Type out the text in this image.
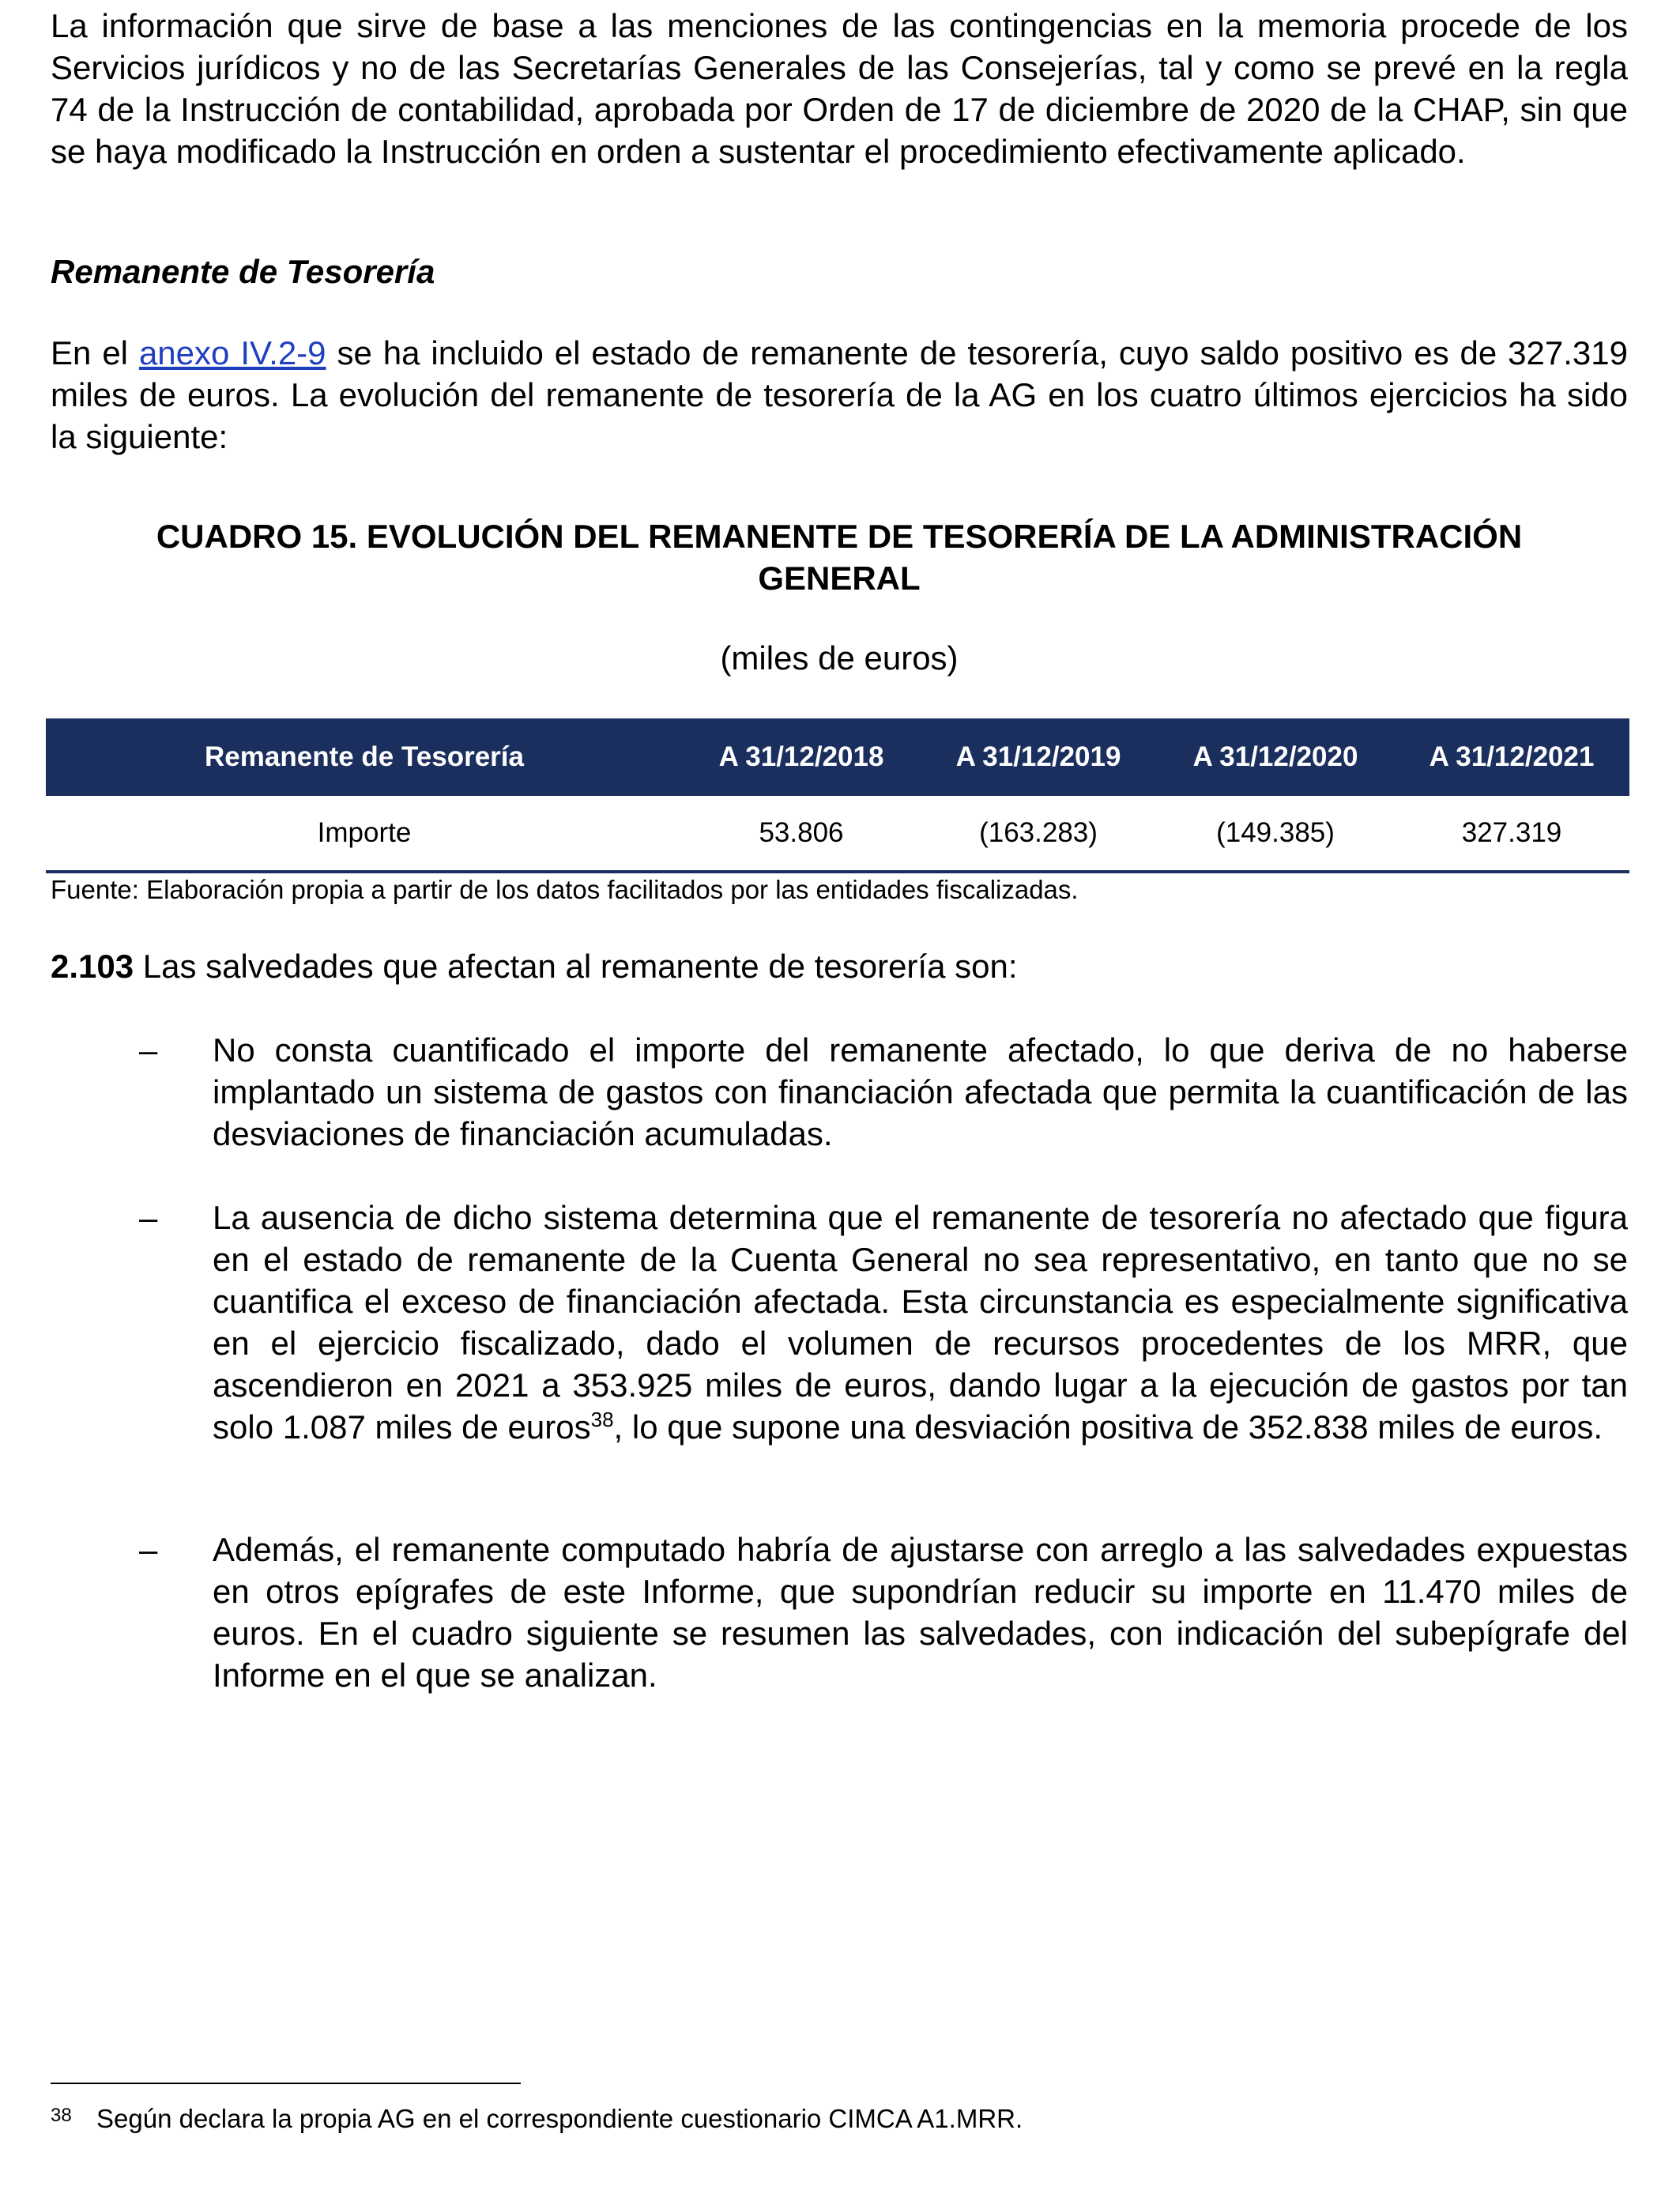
La información que sirve de base a las menciones de las contingencias en la memoria procede de los Servicios jurídicos y no de las Secretarías Generales de las Consejerías, tal y como se prevé en la regla 74 de la Instrucción de contabilidad, aprobada por Orden de 17 de diciembre de 2020 de la CHAP, sin que se haya modificado la Instrucción en orden a sustentar el procedimiento efectivamente aplicado.

Remanente de Tesorería

En el anexo IV.2-9 se ha incluido el estado de remanente de tesorería, cuyo saldo positivo es de 327.319 miles de euros. La evolución del remanente de tesorería de la AG en los cuatro últimos ejercicios ha sido la siguiente:

CUADRO 15. EVOLUCIÓN DEL REMANENTE DE TESORERÍA DE LA ADMINISTRACIÓN
GENERAL
(miles de euros)
Remanente de Tesorería	A 31/12/2018	A 31/12/2019	A 31/12/2020	A 31/12/2021
Importe	53.806	(163.283)	(149.385)	327.319
Fuente: Elaboración propia a partir de los datos facilitados por las entidades fiscalizadas.
2.103 Las salvedades que afectan al remanente de tesorería son:
– No consta cuantificado el importe del remanente afectado, lo que deriva de no haberse implantado un sistema de gastos con financiación afectada que permita la cuantificación de las desviaciones de financiación acumuladas.

– La ausencia de dicho sistema determina que el remanente de tesorería no afectado que figura en el estado de remanente de la Cuenta General no sea representativo, en tanto que no se cuantifica el exceso de financiación afectada. Esta circunstancia es especialmente significativa en el ejercicio fiscalizado, dado el volumen de recursos procedentes de los MRR, que ascendieron en 2021 a 353.925 miles de euros, dando lugar a la ejecución de gastos por tan solo 1.087 miles de euros$^{38}$, lo que supone una desviación positiva de 352.838 miles de euros.

– Además, el remanente computado habría de ajustarse con arreglo a las salvedades expuestas en otros epígrafes de este Informe, que supondrían reducir su importe en 11.470 miles de euros. En el cuadro siguiente se resumen las salvedades, con indicación del subepígrafe del Informe en el que se analizan.

$^{38}$ Según declara la propia AG en el correspondiente cuestionario CIMCA A1.MRR.
